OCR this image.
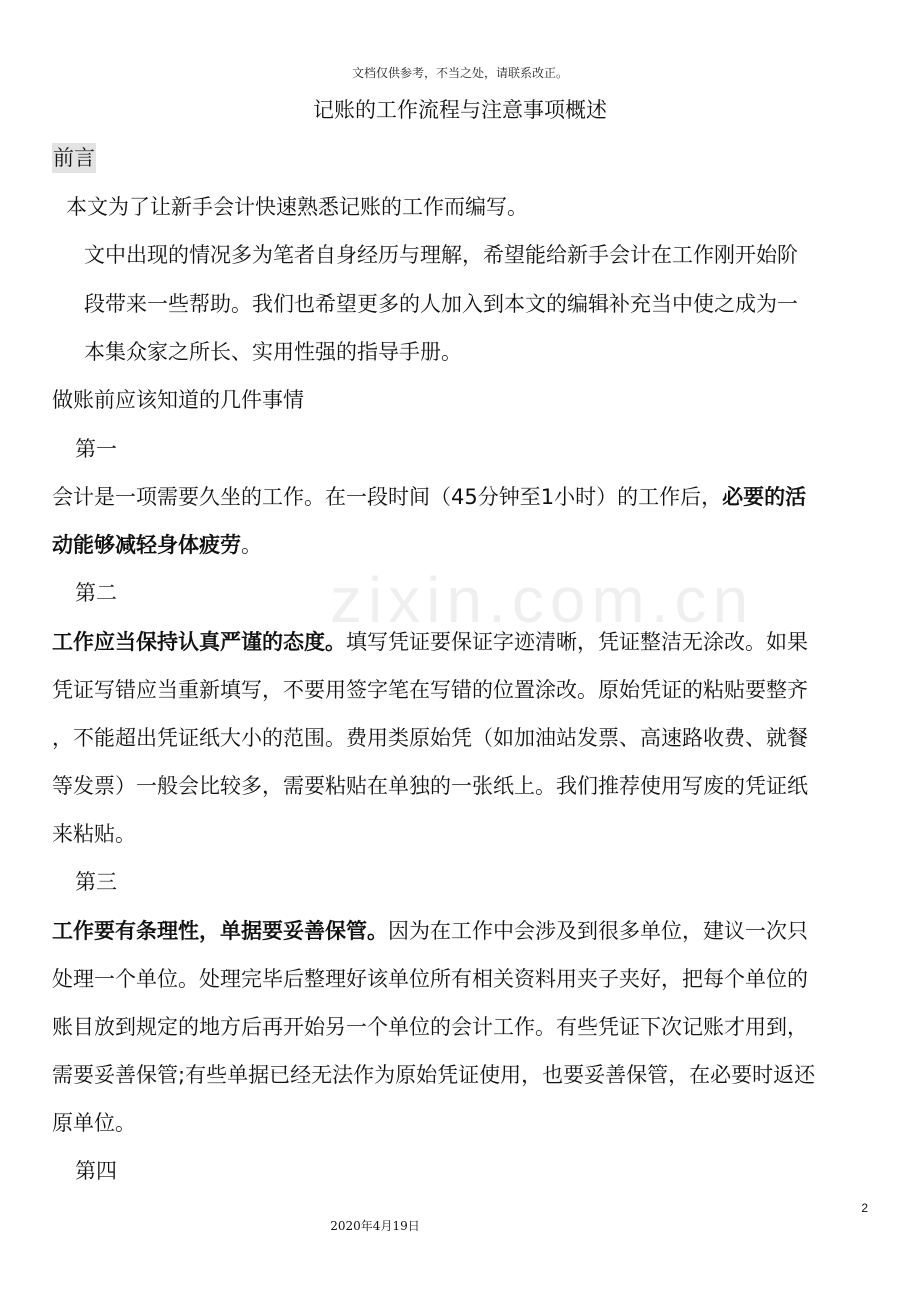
zixin.com.cn
文档仅供参考，不当之处，请联系改正。
记账的工作流程与注意事项概述
前言
本文为了让新手会计快速熟悉记账的工作而编写。
文中出现的情况多为笔者自身经历与理解，希望能给新手会计在工作刚开始阶
段带来一些帮助。我们也希望更多的人加入到本文的编辑补充当中使之成为一
本集众家之所长、实用性强的指导手册。
做账前应该知道的几件事情
第一
会计是一项需要久坐的工作。在一段时间（45分钟至1小时）的工作后，必要的活
动能够减轻身体疲劳。
第二
工作应当保持认真严谨的态度。填写凭证要保证字迹清晰，凭证整洁无涂改。如果
凭证写错应当重新填写，不要用签字笔在写错的位置涂改。原始凭证的粘贴要整齐
，不能超出凭证纸大小的范围。费用类原始凭（如加油站发票、高速路收费、就餐
等发票）一般会比较多，需要粘贴在单独的一张纸上。我们推荐使用写废的凭证纸
来粘贴。
第三
工作要有条理性，单据要妥善保管。因为在工作中会涉及到很多单位，建议一次只
处理一个单位。处理完毕后整理好该单位所有相关资料用夹子夹好，把每个单位的
账目放到规定的地方后再开始另一个单位的会计工作。有些凭证下次记账才用到，
需要妥善保管;有些单据已经无法作为原始凭证使用，也要妥善保管，在必要时返还
原单位。
第四
2
2020年4月19日
